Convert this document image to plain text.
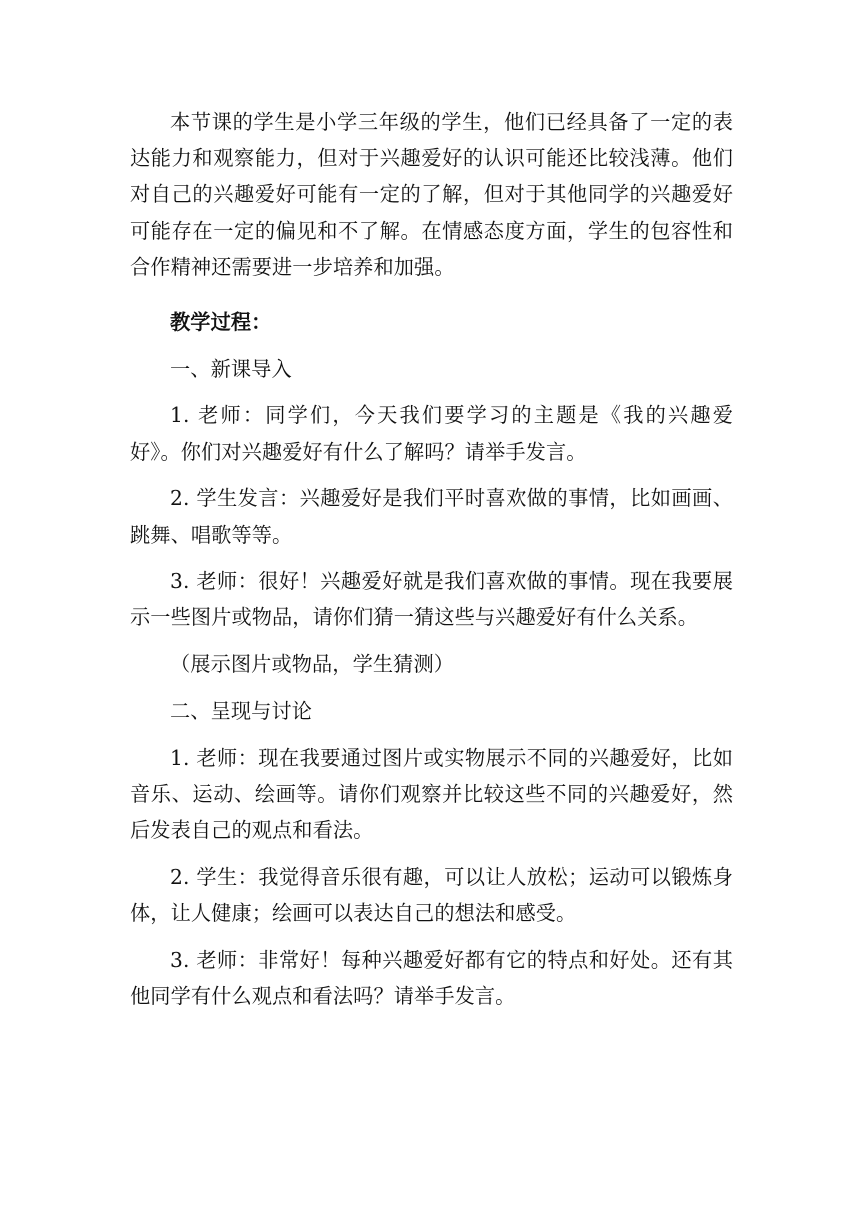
本节课的学生是小学三年级的学生，他们已经具备了一定的表达能力和观察能力，但对于兴趣爱好的认识可能还比较浅薄。他们对自己的兴趣爱好可能有一定的了解，但对于其他同学的兴趣爱好可能存在一定的偏见和不了解。在情感态度方面，学生的包容性和合作精神还需要进一步培养和加强。

教学过程：

一、新课导入

1. 老师：同学们，今天我们要学习的主题是《我的兴趣爱好》。你们对兴趣爱好有什么了解吗？请举手发言。

2. 学生发言：兴趣爱好是我们平时喜欢做的事情，比如画画、跳舞、唱歌等等。

3. 老师：很好！兴趣爱好就是我们喜欢做的事情。现在我要展示一些图片或物品，请你们猜一猜这些与兴趣爱好有什么关系。

（展示图片或物品，学生猜测）

二、呈现与讨论

1. 老师：现在我要通过图片或实物展示不同的兴趣爱好，比如音乐、运动、绘画等。请你们观察并比较这些不同的兴趣爱好，然后发表自己的观点和看法。

2. 学生：我觉得音乐很有趣，可以让人放松；运动可以锻炼身体，让人健康；绘画可以表达自己的想法和感受。

3. 老师：非常好！每种兴趣爱好都有它的特点和好处。还有其他同学有什么观点和看法吗？请举手发言。
